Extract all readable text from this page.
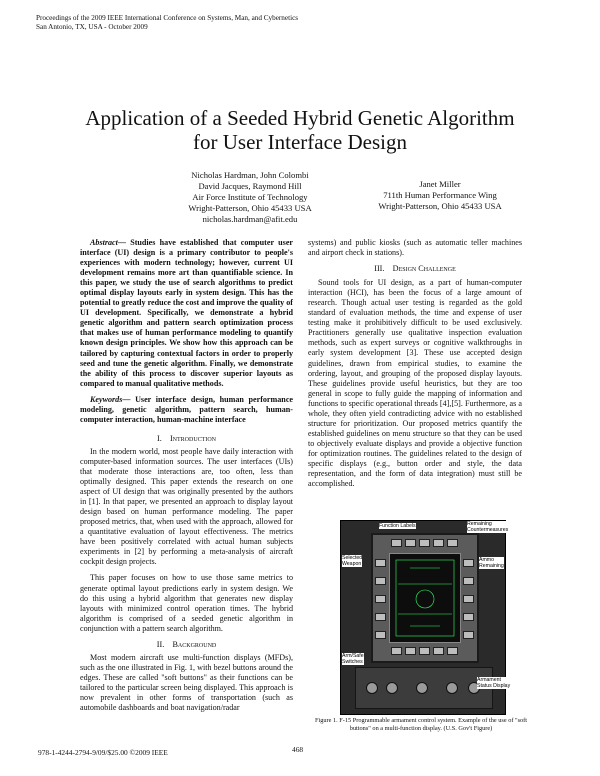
Proceedings of the 2009 IEEE International Conference on Systems, Man, and Cybernetics
San Antonio, TX, USA - October 2009
Application of a Seeded Hybrid Genetic Algorithm
for User Interface Design
Nicholas Hardman, John Colombi
David Jacques, Raymond Hill
Air Force Institute of Technology
Wright-Patterson, Ohio 45433 USA
nicholas.hardman@afit.edu
Janet Miller
711th Human Performance Wing
Wright-Patterson, Ohio 45433 USA

Abstract— Studies have established that computer user interface (UI) design is a primary contributor to people's experiences with modern technology; however, current UI development remains more art than quantifiable science. In this paper, we study the use of search algorithms to predict optimal display layouts early in system design. This has the potential to greatly reduce the cost and improve the quality of UI development. Specifically, we demonstrate a hybrid genetic algorithm and pattern search optimization process that makes use of human performance modeling to quantify known design principles. We show how this approach can be tailored by capturing contextual factors in order to properly seed and tune the genetic algorithm. Finally, we demonstrate the ability of this process to discover superior layouts as compared to manual qualitative methods.

Keywords— User interface design, human performance modeling, genetic algorithm, pattern search, human-computer interaction, human-machine interface

I. Introduction

In the modern world, most people have daily interaction with computer-based information sources. The user interfaces (UIs) that moderate those interactions are, too often, less than optimally designed. This paper extends the research on one aspect of UI design that was originally presented by the authors in [1]. In that paper, we presented an approach to display layout design based on human performance modeling. The paper proposed metrics, that, when used with the approach, allowed for a quantitative evaluation of layout effectiveness. The metrics have been positively correlated with actual human subjects experiments in [2] by performing a meta-analysis of aircraft cockpit design projects.

This paper focuses on how to use those same metrics to generate optimal layout predictions early in system design. We do this using a hybrid algorithm that generates new display layouts with minimized control operation times. The hybrid algorithm is comprised of a seeded genetic algorithm in conjunction with a pattern search algorithm.

II. Background

Most modern aircraft use multi-function displays (MFDs), such as the one illustrated in Fig. 1, with bezel buttons around the edges. These are called "soft buttons" as their functions can be tailored to the particular screen being displayed. This approach is now prevalent in other forms of transportation (such as automobile dashboards and boat navigation/radar

systems) and public kiosks (such as automatic teller machines and airport check in stations).

III. Design Challenge

Sound tools for UI design, as a part of human-computer interaction (HCI), has been the focus of a large amount of research. Though actual user testing is regarded as the gold standard of evaluation methods, the time and expense of user testing make it prohibitively difficult to be used exclusively. Practitioners generally use qualitative inspection evaluation methods, such as expert surveys or cognitive walkthroughs in early system development [3]. These use accepted design guidelines, drawn from empirical studies, to examine the ordering, layout, and grouping of the proposed display layouts. These guidelines provide useful heuristics, but they are too general in scope to fully guide the mapping of information and functions to specific operational threads [4],[5]. Furthermore, as a whole, they often yield contradicting advice with no established structure for prioritization. Our proposed metrics quantify the established guidelines on menu structure so that they can be used to objectively evaluate displays and provide a objective function for optimization routines. The guidelines related to the design of specific displays (e.g., button order and style, the data representation, and the form of data integration) must still be accomplished.

Function Labels	Remaining
Countermeasures
Selected
Weapon
Ammo
Remaining
Arm/Safe
Switches
Armament
Status Display
Figure 1. F-15 Programmable armament control system. Example of the use of "soft buttons" on a multi-function display. (U.S. Gov't Figure)
978-1-4244-2794-9/09/$25.00 ©2009 IEEE	468
